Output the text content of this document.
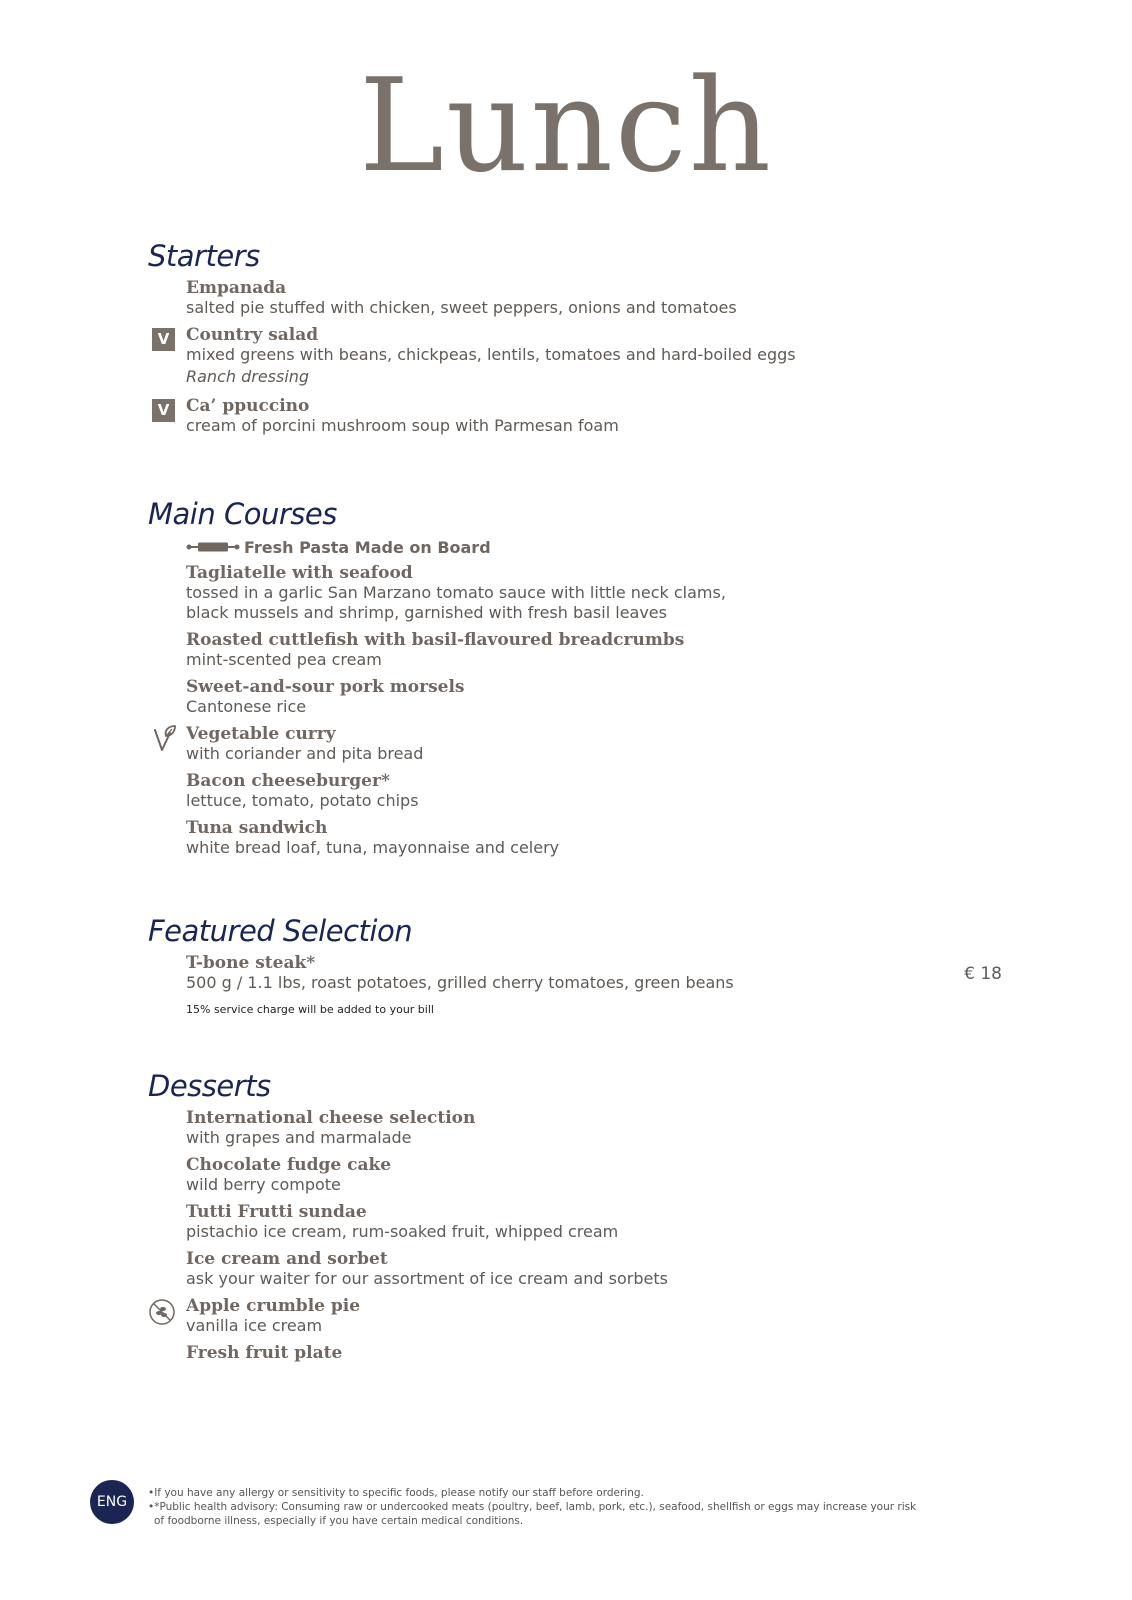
Lunch
Starters
Empanada
salted pie stuffed with chicken, sweet peppers, onions and tomatoes
V Country salad
mixed greens with beans, chickpeas, lentils, tomatoes and hard-boiled eggs
Ranch dressing
V Ca’ ppuccino
cream of porcini mushroom soup with Parmesan foam
Main Courses
Fresh Pasta Made on Board
Tagliatelle with seafood
tossed in a garlic San Marzano tomato sauce with little neck clams,
black mussels and shrimp, garnished with fresh basil leaves
Roasted cuttlefish with basil-flavoured breadcrumbs
mint-scented pea cream
Sweet-and-sour pork morsels
Cantonese rice
Vegetable curry
with coriander and pita bread
Bacon cheeseburger*
lettuce, tomato, potato chips
Tuna sandwich
white bread loaf, tuna, mayonnaise and celery
Featured Selection
T-bone steak*
500 g / 1.1 lbs, roast potatoes, grilled cherry tomatoes, green beans	€ 18
15% service charge will be added to your bill
Desserts
International cheese selection
with grapes and marmalade
Chocolate fudge cake
wild berry compote
Tutti Frutti sundae
pistachio ice cream, rum-soaked fruit, whipped cream
Ice cream and sorbet
ask your waiter for our assortment of ice cream and sorbets
Apple crumble pie
vanilla ice cream
Fresh fruit plate
ENG

•If you have any allergy or sensitivity to specific foods, please notify our staff before ordering.

•*Public health advisory: Consuming raw or undercooked meats (poultry, beef, lamb, pork, etc.), seafood, shellfish or eggs may increase your risk

of foodborne illness, especially if you have certain medical conditions.
